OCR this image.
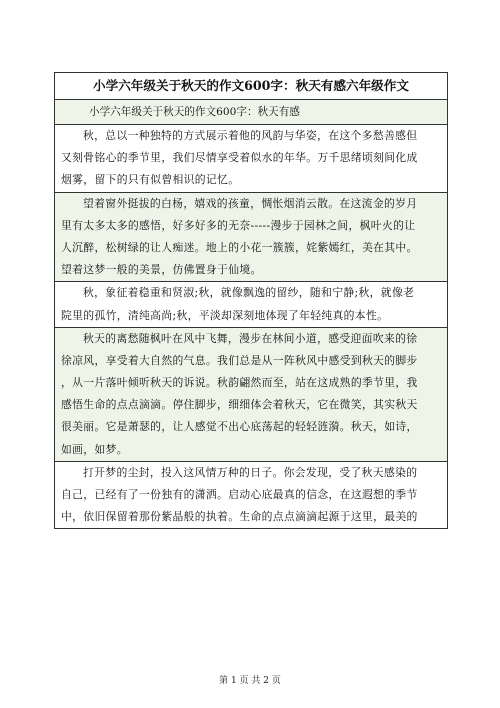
小学六年级关于秋天的作文600字：秋天有感六年级作文
小学六年级关于秋天的作文600字：秋天有感
秋，总以一种独特的方式展示着他的风韵与华姿，在这个多愁善感但
又刻骨铭心的季节里，我们尽情享受着似水的年华。万千思绪顷刻间化成
烟雾，留下的只有似曾相识的记忆。
望着窗外挺拔的白杨，嬉戏的孩童，惆怅烟消云散。在这流金的岁月
里有太多太多的感悟，好多好多的无奈-----漫步于园林之间，枫叶火的让
人沉醉，松树绿的让人痴迷。地上的小花一簇簇，姹紫嫣红，美在其中。
望着这梦一般的美景，仿佛置身于仙境。
秋，象征着稳重和贤淑;秋，就像飘逸的留纱，随和宁静;秋，就像老
院里的孤竹，清纯高尚;秋，平淡却深刻地体现了年轻纯真的本性。
秋天的离愁随枫叶在风中飞舞，漫步在林间小道，感受迎面吹来的徐
徐凉风，享受着大自然的气息。我们总是从一阵秋风中感受到秋天的脚步
，从一片落叶倾听秋天的诉说。秋韵翩然而至，站在这成熟的季节里，我
感悟生命的点点滴滴。停住脚步，细细体会着秋天，它在微笑，其实秋天
很美丽。它是萧瑟的，让人感觉不出心底荡起的轻轻涟漪。秋天，如诗，
如画，如梦。
打开梦的尘封，投入这风情万种的日子。你会发现，受了秋天感染的
自己，已经有了一份独有的潇洒。启动心底最真的信念，在这遐想的季节
中，依旧保留着那份紫晶般的执着。生命的点点滴滴起源于这里，最美的
第 1 页 共 2 页
